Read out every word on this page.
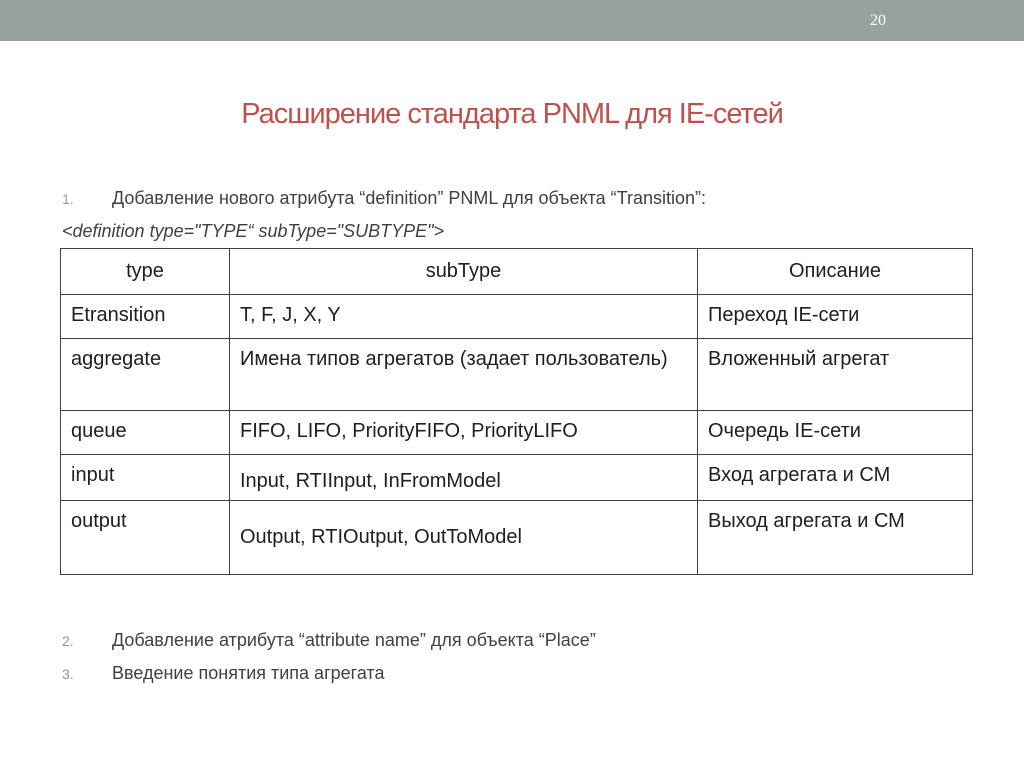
20
Расширение стандарта PNML для IE-сетей
1. Добавление нового атрибута “definition” PNML для объекта “Transition”:
<definition type="TYPE“ subType="SUBTYPE">
type	subType	Описание
Etransition	T, F, J, X, Y	Переход IE-сети
aggregate	Имена типов агрегатов (задает пользователь)	Вложенный агрегат
queue	FIFO, LIFO, PriorityFIFO, PriorityLIFO	Очередь IE-сети
input	Input, RTIInput, InFromModel	Вход агрегата и СМ
output	Output, RTIOutput, OutToModel	Выход агрегата и СМ
2. Добавление атрибута “attribute name” для объекта “Place”
3. Введение понятия типа агрегата
